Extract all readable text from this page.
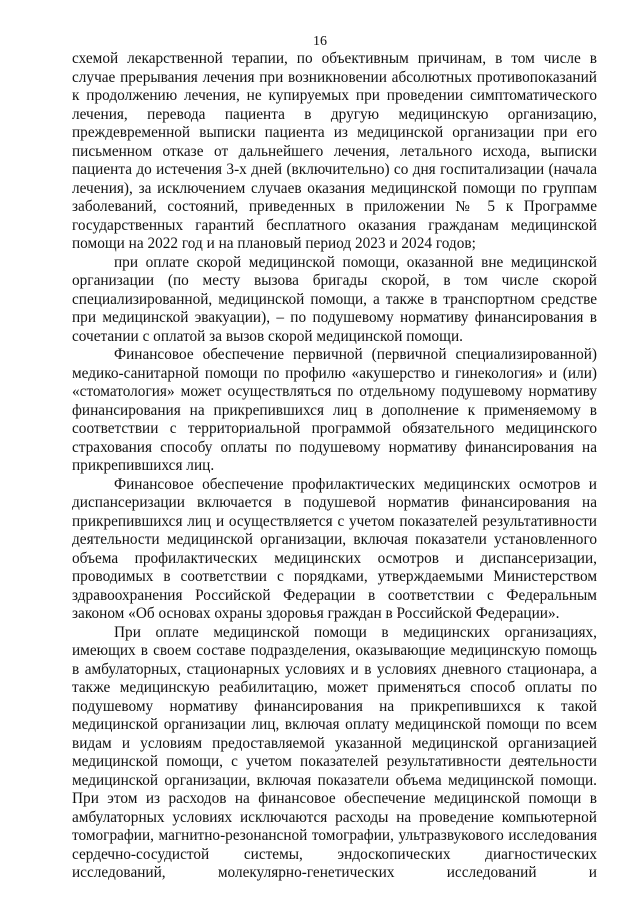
16
схемой лекарственной терапии, по объективным причинам, в том числе в
случае прерывания лечения при возникновении абсолютных противопоказаний
к продолжению лечения, не купируемых при проведении симптоматического
лечения, перевода пациента в другую медицинскую организацию,
преждевременной выписки пациента из медицинской организации при его
письменном отказе от дальнейшего лечения, летального исхода, выписки
пациента до истечения 3-х дней (включительно) со дня госпитализации (начала
лечения), за исключением случаев оказания медицинской помощи по группам
заболеваний, состояний, приведенных в приложении № 5 к Программе
государственных гарантий бесплатного оказания гражданам медицинской
помощи на 2022 год и на плановый период 2023 и 2024 годов;
при оплате скорой медицинской помощи, оказанной вне медицинской
организации (по месту вызова бригады скорой, в том числе скорой
специализированной, медицинской помощи, а также в транспортном средстве
при медицинской эвакуации), – по подушевому нормативу финансирования в
сочетании с оплатой за вызов скорой медицинской помощи.
Финансовое обеспечение первичной (первичной специализированной)
медико-санитарной помощи по профилю «акушерство и гинекология» и (или)
«стоматология» может осуществляться по отдельному подушевому нормативу
финансирования на прикрепившихся лиц в дополнение к применяемому в
соответствии с территориальной программой обязательного медицинского
страхования способу оплаты по подушевому нормативу финансирования на
прикрепившихся лиц.
Финансовое обеспечение профилактических медицинских осмотров и
диспансеризации включается в подушевой норматив финансирования на
прикрепившихся лиц и осуществляется с учетом показателей результативности
деятельности медицинской организации, включая показатели установленного
объема профилактических медицинских осмотров и диспансеризации,
проводимых в соответствии с порядками, утверждаемыми Министерством
здравоохранения Российской Федерации в соответствии с Федеральным
законом «Об основах охраны здоровья граждан в Российской Федерации».
При оплате медицинской помощи в медицинских организациях,
имеющих в своем составе подразделения, оказывающие медицинскую помощь
в амбулаторных, стационарных условиях и в условиях дневного стационара, а
также медицинскую реабилитацию, может применяться способ оплаты по
подушевому нормативу финансирования на прикрепившихся к такой
медицинской организации лиц, включая оплату медицинской помощи по всем
видам и условиям предоставляемой указанной медицинской организацией
медицинской помощи, с учетом показателей результативности деятельности
медицинской организации, включая показатели объема медицинской помощи.
При этом из расходов на финансовое обеспечение медицинской помощи в
амбулаторных условиях исключаются расходы на проведение компьютерной
томографии, магнитно-резонансной томографии, ультразвукового исследования
сердечно-сосудистой системы, эндоскопических диагностических
исследований, молекулярно-генетических исследований и
